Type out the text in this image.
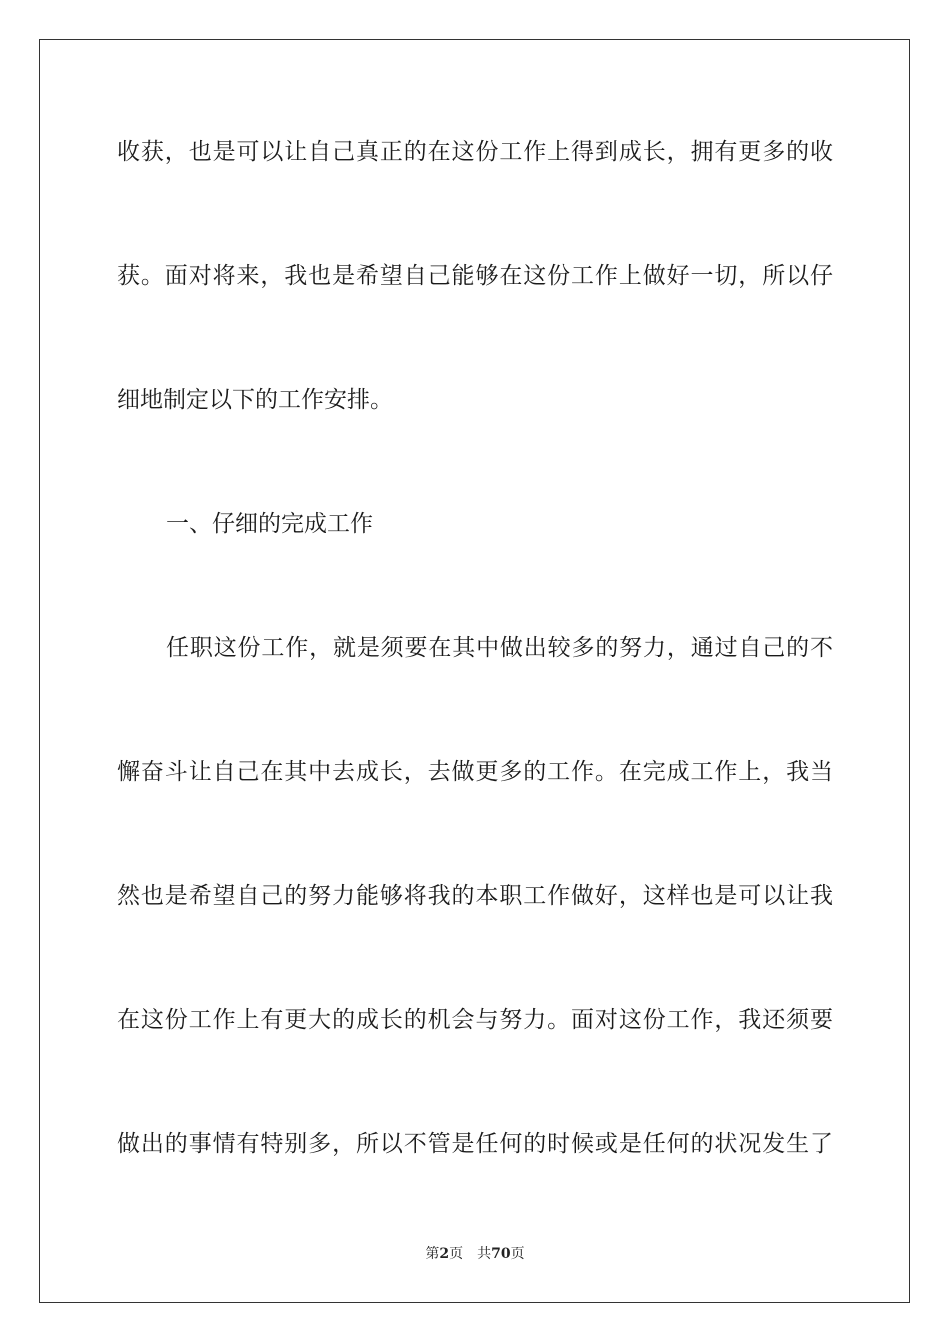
收获，也是可以让自己真正的在这份工作上得到成长，拥有更多的收
获。面对将来，我也是希望自己能够在这份工作上做好一切，所以仔
细地制定以下的工作安排。
一、仔细的完成工作
任职这份工作，就是须要在其中做出较多的努力，通过自己的不
懈奋斗让自己在其中去成长，去做更多的工作。在完成工作上，我当
然也是希望自己的努力能够将我的本职工作做好，这样也是可以让我
在这份工作上有更大的成长的机会与努力。面对这份工作，我还须要
做出的事情有特别多，所以不管是任何的时候或是任何的状况发生了
第2页 共70页
